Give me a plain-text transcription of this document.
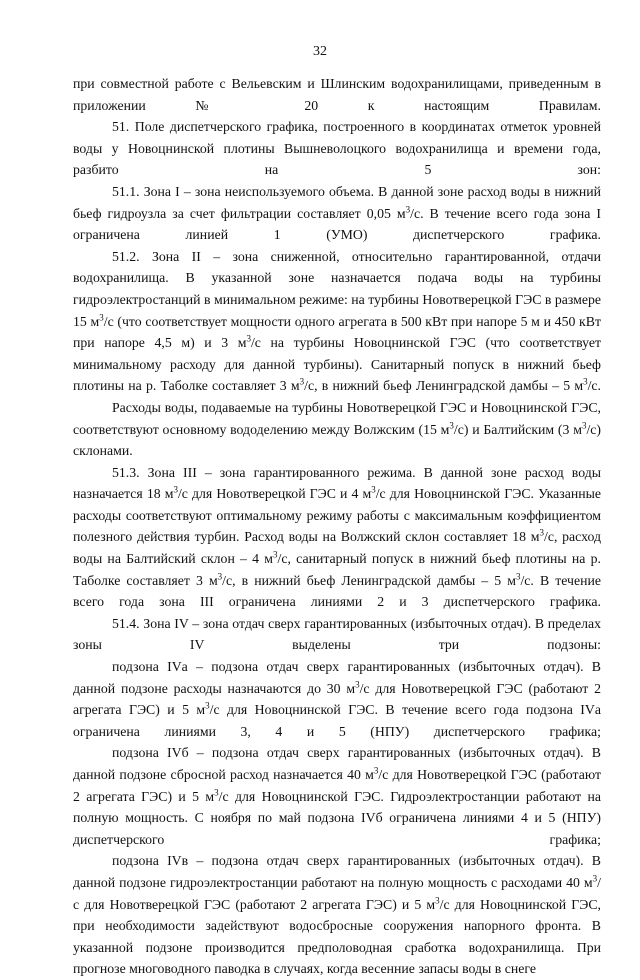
32

при совместной работе с Вельевским и Шлинским водохранилищами, приведенным в приложении № 20 к настоящим Правилам.

51. Поле диспетчерского графика, построенного в координатах отметок уровней воды у Новоцнинской плотины Вышневолоцкого водохранилища и времени года, разбито на 5 зон:

51.1. Зона I – зона неиспользуемого объема. В данной зоне расход воды в нижний бьеф гидроузла за счет фильтрации составляет 0,05 $м^3/с$. В течение всего года зона I ограничена линией 1 (УМО) диспетчерского графика.

51.2. Зона II – зона сниженной, относительно гарантированной, отдачи водохранилища. В указанной зоне назначается подача воды на турбины гидроэлектростанций в минимальном режиме: на турбины Новотверецкой ГЭС в размере 15 $м^3/с$ (что соответствует мощности одного агрегата в 500 кВт при напоре 5 м и 450 кВт при напоре 4,5 м) и 3 $м^3/с$ на турбины Новоцнинской ГЭС (что соответствует минимальному расходу для данной турбины). Санитарный попуск в нижний бьеф плотины на р. Таболке составляет 3 $м^3/с$, в нижний бьеф Ленинградской дамбы – 5 $м^3/с$.

Расходы воды, подаваемые на турбины Новотверецкой ГЭС и Новоцнинской ГЭС, соответствуют основному вододелению между Волжским (15 $м^3/с$) и Балтийским (3 $м^3/с$) склонами.

51.3. Зона III – зона гарантированного режима. В данной зоне расход воды назначается 18 $м^3/с$ для Новотверецкой ГЭС и 4 $м^3/с$ для Новоцнинской ГЭС. Указанные расходы соответствуют оптимальному режиму работы с максимальным коэффициентом полезного действия турбин. Расход воды на Волжский склон составляет 18 $м^3/с$, расход воды на Балтийский склон – 4 $м^3/с$, санитарный попуск в нижний бьеф плотины на р. Таболке составляет 3 $м^3/с$, в нижний бьеф Ленинградской дамбы – 5 $м^3/с$. В течение всего года зона III ограничена линиями 2 и 3 диспетчерского графика.

51.4. Зона IV – зона отдач сверх гарантированных (избыточных отдач). В пределах зоны IV выделены три подзоны:

подзона IVа – подзона отдач сверх гарантированных (избыточных отдач). В данной подзоне расходы назначаются до 30 $м^3/с$ для Новотверецкой ГЭС (работают 2 агрегата ГЭС) и 5 $м^3/с$ для Новоцнинской ГЭС. В течение всего года подзона IVа ограничена линиями 3, 4 и 5 (НПУ) диспетчерского графика;

подзона IVб – подзона отдач сверх гарантированных (избыточных отдач). В данной подзоне сбросной расход назначается 40 $м^3/с$ для Новотверецкой ГЭС (работают 2 агрегата ГЭС) и 5 $м^3/с$ для Новоцнинской ГЭС. Гидроэлектростанции работают на полную мощность. С ноября по май подзона IVб ограничена линиями 4 и 5 (НПУ) диспетчерского графика;

подзона IVв – подзона отдач сверх гарантированных (избыточных отдач). В данной подзоне гидроэлектростанции работают на полную мощность с расходами 40 $м^3/с$ для Новотверецкой ГЭС (работают 2 агрегата ГЭС) и 5 $м^3/с$ для Новоцнинской ГЭС, при необходимости задействуют водосбросные сооружения напорного фронта. В указанной подзоне производится предполоводная сработка водохранилища. При прогнозе многоводного паводка в случаях, когда весенние запасы воды в снеге
